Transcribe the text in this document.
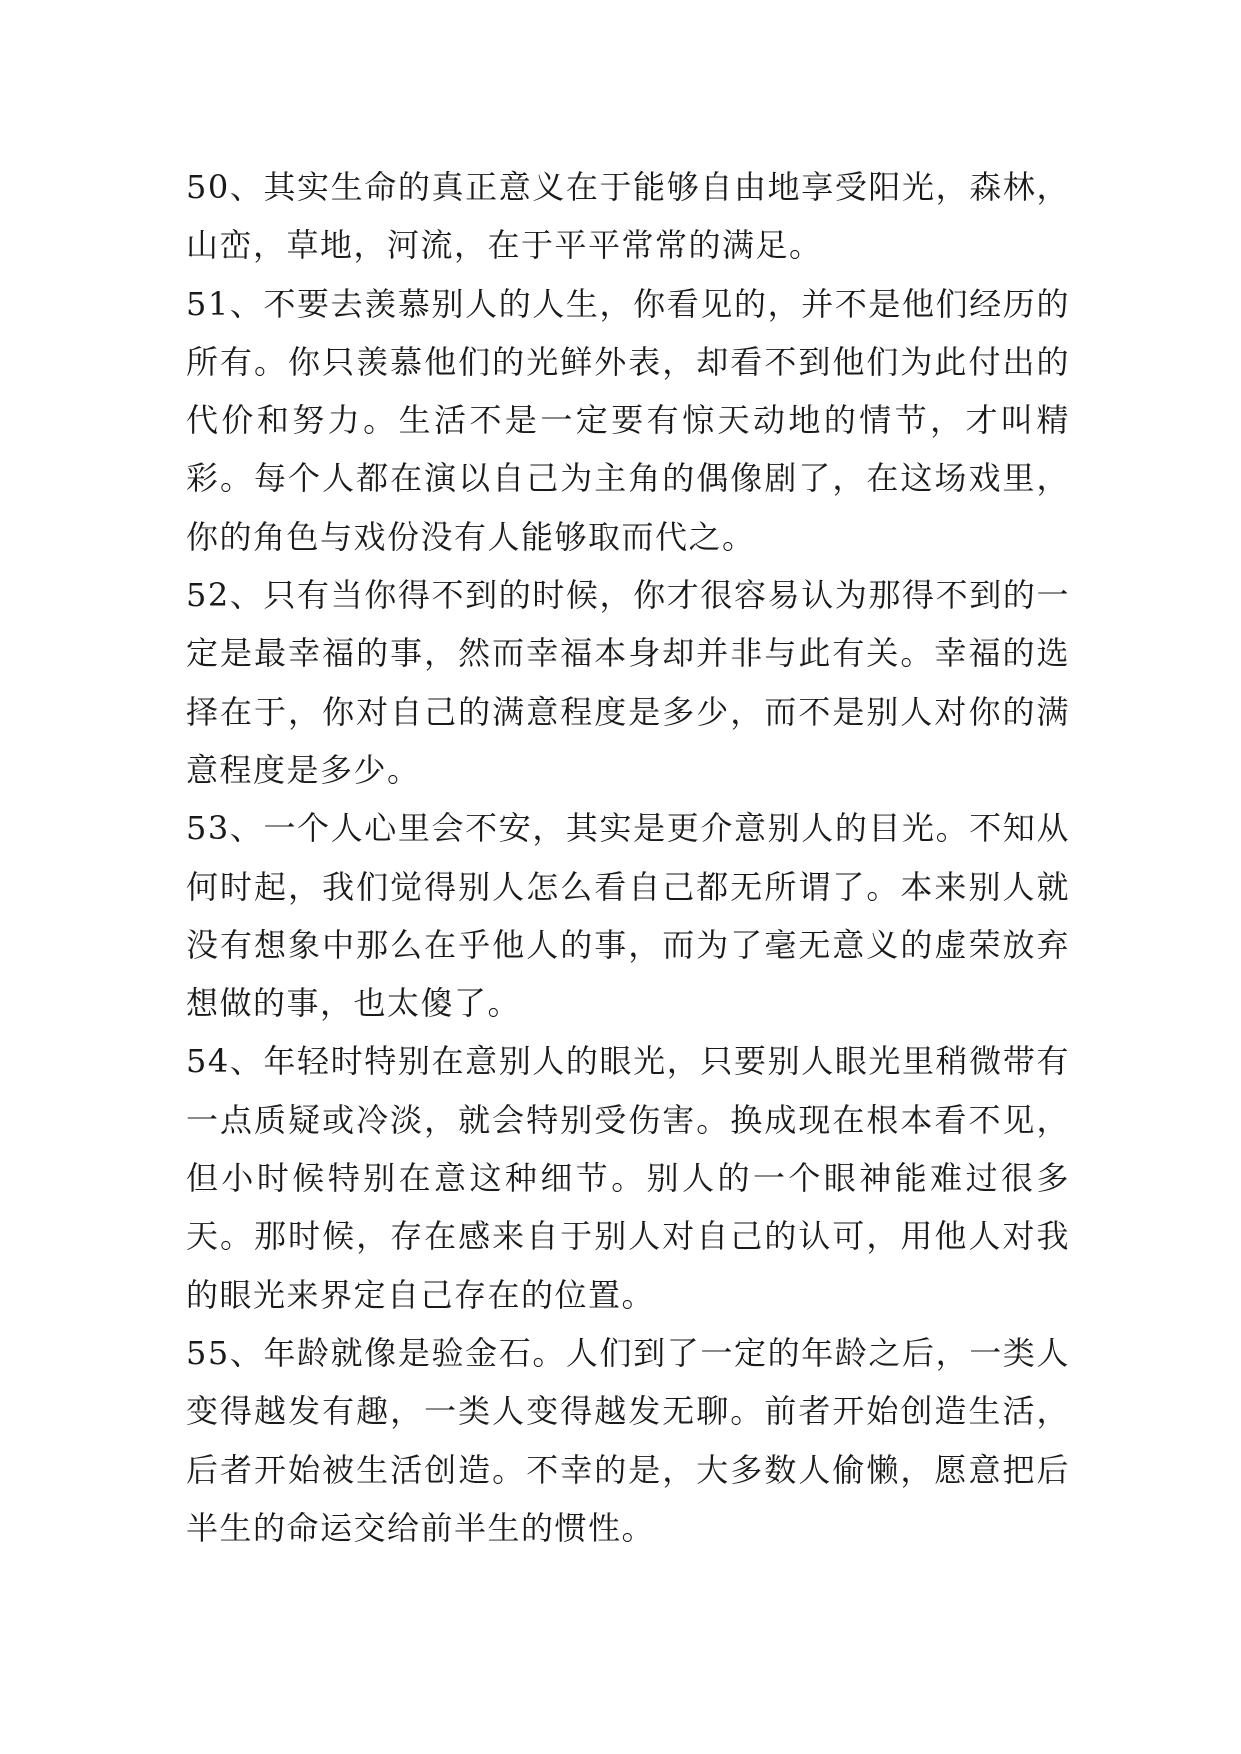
50、其实生命的真正意义在于能够自由地享受阳光，森林，山峦，草地，河流，在于平平常常的满足。

51、不要去羡慕别人的人生，你看见的，并不是他们经历的所有。你只羡慕他们的光鲜外表，却看不到他们为此付出的代价和努力。生活不是一定要有惊天动地的情节，才叫精彩。每个人都在演以自己为主角的偶像剧了，在这场戏里，你的角色与戏份没有人能够取而代之。

52、只有当你得不到的时候，你才很容易认为那得不到的一定是最幸福的事，然而幸福本身却并非与此有关。幸福的选择在于，你对自己的满意程度是多少，而不是别人对你的满意程度是多少。

53、一个人心里会不安，其实是更介意别人的目光。不知从何时起，我们觉得别人怎么看自己都无所谓了。本来别人就没有想象中那么在乎他人的事，而为了毫无意义的虚荣放弃想做的事，也太傻了。

54、年轻时特别在意别人的眼光，只要别人眼光里稍微带有一点质疑或冷淡，就会特别受伤害。换成现在根本看不见，但小时候特别在意这种细节。别人的一个眼神能难过很多天。那时候，存在感来自于别人对自己的认可，用他人对我的眼光来界定自己存在的位置。

55、年龄就像是验金石。人们到了一定的年龄之后，一类人变得越发有趣，一类人变得越发无聊。前者开始创造生活，后者开始被生活创造。不幸的是，大多数人偷懒，愿意把后半生的命运交给前半生的惯性。
